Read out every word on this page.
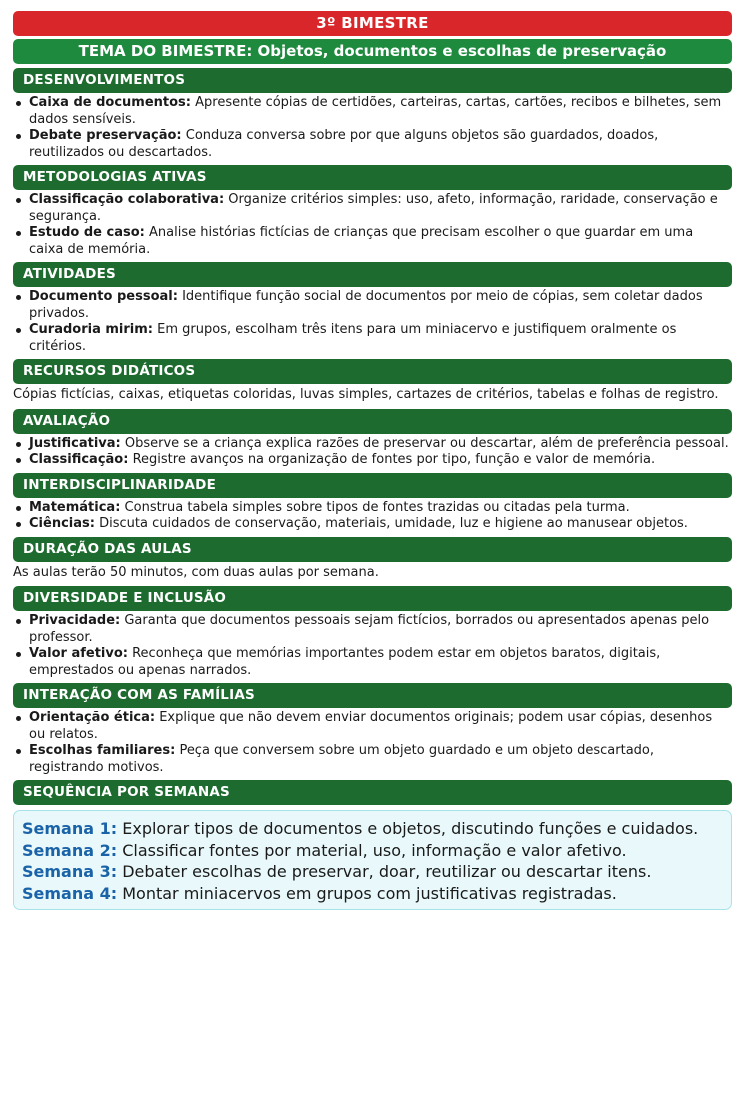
3º BIMESTRE
TEMA DO BIMESTRE: Objetos, documentos e escolhas de preservação
DESENVOLVIMENTOS
Caixa de documentos: Apresente cópias de certidões, carteiras, cartas, cartões, recibos e bilhetes, sem dados sensíveis.
Debate preservação: Conduza conversa sobre por que alguns objetos são guardados, doados, reutilizados ou descartados.
METODOLOGIAS ATIVAS
Classificação colaborativa: Organize critérios simples: uso, afeto, informação, raridade, conservação e segurança.
Estudo de caso: Analise histórias fictícias de crianças que precisam escolher o que guardar em uma caixa de memória.
ATIVIDADES
Documento pessoal: Identifique função social de documentos por meio de cópias, sem coletar dados privados.
Curadoria mirim: Em grupos, escolham três itens para um miniacervo e justifiquem oralmente os critérios.
RECURSOS DIDÁTICOS
Cópias fictícias, caixas, etiquetas coloridas, luvas simples, cartazes de critérios, tabelas e folhas de registro.
AVALIAÇÃO
Justificativa: Observe se a criança explica razões de preservar ou descartar, além de preferência pessoal.
Classificação: Registre avanços na organização de fontes por tipo, função e valor de memória.
INTERDISCIPLINARIDADE
Matemática: Construa tabela simples sobre tipos de fontes trazidas ou citadas pela turma.
Ciências: Discuta cuidados de conservação, materiais, umidade, luz e higiene ao manusear objetos.
DURAÇÃO DAS AULAS
As aulas terão 50 minutos, com duas aulas por semana.
DIVERSIDADE E INCLUSÃO
Privacidade: Garanta que documentos pessoais sejam fictícios, borrados ou apresentados apenas pelo professor.
Valor afetivo: Reconheça que memórias importantes podem estar em objetos baratos, digitais, emprestados ou apenas narrados.
INTERAÇÃO COM AS FAMÍLIAS
Orientação ética: Explique que não devem enviar documentos originais; podem usar cópias, desenhos ou relatos.
Escolhas familiares: Peça que conversem sobre um objeto guardado e um objeto descartado, registrando motivos.
SEQUÊNCIA POR SEMANAS
Semana 1: Explorar tipos de documentos e objetos, discutindo funções e cuidados.
Semana 2: Classificar fontes por material, uso, informação e valor afetivo.
Semana 3: Debater escolhas de preservar, doar, reutilizar ou descartar itens.
Semana 4: Montar miniacervos em grupos com justificativas registradas.
